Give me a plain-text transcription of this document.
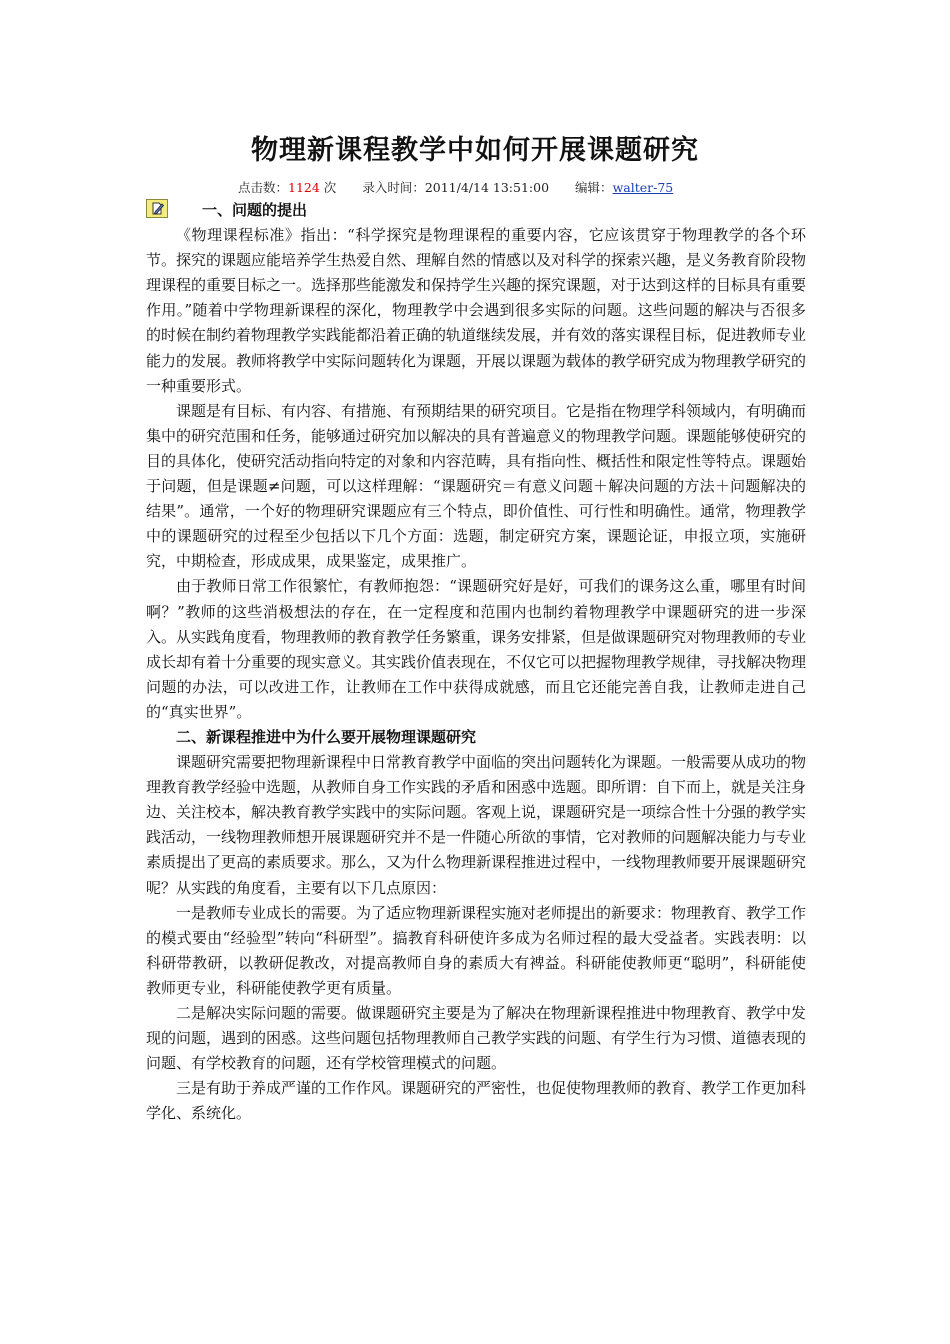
物理新课程教学中如何开展课题研究
点击数：1124 次 录入时间：2011/4/14 13:51:00 编辑：walter-75

一、问题的提出

《物理课程标准》指出：“科学探究是物理课程的重要内容，它应该贯穿于物理教学的各个环节。探究的课题应能培养学生热爱自然、理解自然的情感以及对科学的探索兴趣，是义务教育阶段物理课程的重要目标之一。选择那些能激发和保持学生兴趣的探究课题，对于达到这样的目标具有重要作用。”随着中学物理新课程的深化，物理教学中会遇到很多实际的问题。这些问题的解决与否很多的时候在制约着物理教学实践能都沿着正确的轨道继续发展，并有效的落实课程目标，促进教师专业能力的发展。教师将教学中实际问题转化为课题，开展以课题为载体的教学研究成为物理教学研究的一种重要形式。

课题是有目标、有内容、有措施、有预期结果的研究项目。它是指在物理学科领域内，有明确而集中的研究范围和任务，能够通过研究加以解决的具有普遍意义的物理教学问题。课题能够使研究的目的具体化，使研究活动指向特定的对象和内容范畴，具有指向性、概括性和限定性等特点。课题始于问题，但是课题≠问题，可以这样理解：“课题研究＝有意义问题＋解决问题的方法＋问题解决的结果”。通常，一个好的物理研究课题应有三个特点，即价值性、可行性和明确性。通常，物理教学中的课题研究的过程至少包括以下几个方面：选题，制定研究方案，课题论证，申报立项，实施研究，中期检查，形成成果，成果鉴定，成果推广。

由于教师日常工作很繁忙，有教师抱怨：“课题研究好是好，可我们的课务这么重，哪里有时间啊？”教师的这些消极想法的存在，在一定程度和范围内也制约着物理教学中课题研究的进一步深入。从实践角度看，物理教师的教育教学任务繁重，课务安排紧，但是做课题研究对物理教师的专业成长却有着十分重要的现实意义。其实践价值表现在，不仅它可以把握物理教学规律，寻找解决物理问题的办法，可以改进工作，让教师在工作中获得成就感，而且它还能完善自我，让教师走进自己的“真实世界”。

二、新课程推进中为什么要开展物理课题研究

课题研究需要把物理新课程中日常教育教学中面临的突出问题转化为课题。一般需要从成功的物理教育教学经验中选题，从教师自身工作实践的矛盾和困惑中选题。即所谓：自下而上，就是关注身边、关注校本，解决教育教学实践中的实际问题。客观上说，课题研究是一项综合性十分强的教学实践活动，一线物理教师想开展课题研究并不是一件随心所欲的事情，它对教师的问题解决能力与专业素质提出了更高的素质要求。那么，又为什么物理新课程推进过程中，一线物理教师要开展课题研究呢？从实践的角度看，主要有以下几点原因：

一是教师专业成长的需要。为了适应物理新课程实施对老师提出的新要求：物理教育、教学工作的模式要由“经验型”转向“科研型”。搞教育科研使许多成为名师过程的最大受益者。实践表明：以科研带教研，以教研促教改，对提高教师自身的素质大有裨益。科研能使教师更“聪明”，科研能使教师更专业，科研能使教学更有质量。

二是解决实际问题的需要。做课题研究主要是为了解决在物理新课程推进中物理教育、教学中发现的问题，遇到的困惑。这些问题包括物理教师自己教学实践的问题、有学生行为习惯、道德表现的问题、有学校教育的问题，还有学校管理模式的问题。

三是有助于养成严谨的工作作风。课题研究的严密性，也促使物理教师的教育、教学工作更加科学化、系统化。
